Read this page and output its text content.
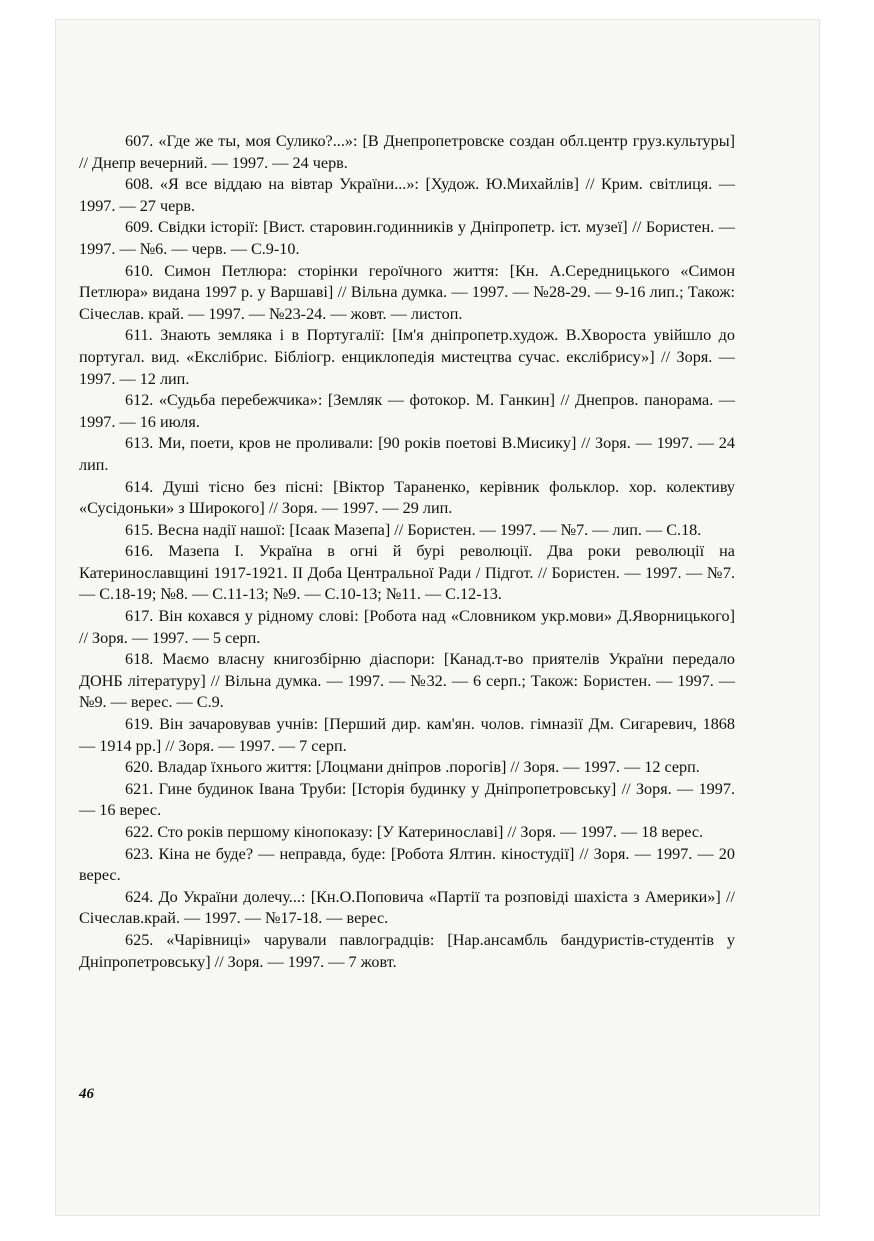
607. «Где же ты, моя Сулико?...»: [В Днепропетровске создан обл.центр груз.культуры] // Днепр вечерний. — 1997. — 24 черв.

608. «Я все віддаю на вівтар України...»: [Худож. Ю.Михайлів] // Крим. світлиця. — 1997. — 27 черв.

609. Свідки історії: [Вист. старовин.годинників у Дніпропетр. іст. музеї] // Бористен. — 1997. — №6. — черв. — С.9-10.

610. Симон Петлюра: сторінки героїчного життя: [Кн. А.Середницького «Симон Петлюра» видана 1997 р. у Варшаві] // Вільна думка. — 1997. — №28-29. — 9-16 лип.; Також: Січеслав. край. — 1997. — №23-24. — жовт. — листоп.

611. Знають земляка і в Португалії: [Ім'я дніпропетр.худож. В.Хвороста увійшло до португал. вид. «Екслібрис. Бібліогр. енциклопедія мистецтва сучас. екслібрису»] // Зоря. — 1997. — 12 лип.

612. «Судьба перебежчика»: [Земляк — фотокор. М. Ганкин] // Днепров. панорама. — 1997. — 16 июля.

613. Ми, поети, кров не проливали: [90 років поетові В.Мисику] // Зоря. — 1997. — 24 лип.

614. Душі тісно без пісні: [Віктор Тараненко, керівник фольклор. хор. колективу «Сусідоньки» з Широкого] // Зоря. — 1997. — 29 лип.

615. Весна надії нашої: [Ісаак Мазепа] // Бористен. — 1997. — №7. — лип. — С.18.

616. Мазепа І. Україна в огні й бурі революції. Два роки революції на Катеринославщині 1917-1921. ІІ Доба Центральної Ради / Підгот. // Бористен. — 1997. — №7. — С.18-19; №8. — С.11-13; №9. — С.10-13; №11. — С.12-13.

617. Він кохався у рідному слові: [Робота над «Словником укр.мови» Д.Яворницького] // Зоря. — 1997. — 5 серп.

618. Маємо власну книгозбірню діаспори: [Канад.т-во приятелів України передало ДОНБ літературу] // Вільна думка. — 1997. — №32. — 6 серп.; Також: Бористен. — 1997. — №9. — верес. — С.9.

619. Він зачаровував учнів: [Перший дир. кам'ян. чолов. гімназії Дм. Сигаревич, 1868 — 1914 рр.] // Зоря. — 1997. — 7 серп.

620. Владар їхнього життя: [Лоцмани дніпров .порогів] // Зоря. — 1997. — 12 серп.

621. Гине будинок Івана Труби: [Історія будинку у Дніпропетровську] // Зоря. — 1997. — 16 верес.

622. Сто років першому кінопоказу: [У Катеринославі] // Зоря. — 1997. — 18 верес.

623. Кіна не буде? — неправда, буде: [Робота Ялтин. кіностудії] // Зоря. — 1997. — 20 верес.

624. До України долечу...: [Кн.О.Поповича «Партії та розповіді шахіста з Америки»] // Січеслав.край. — 1997. — №17-18. — верес.

625. «Чарівниці» чарували павлоградців: [Нар.ансамбль бандуристів-студентів у Дніпропетровську] // Зоря. — 1997. — 7 жовт.

46
